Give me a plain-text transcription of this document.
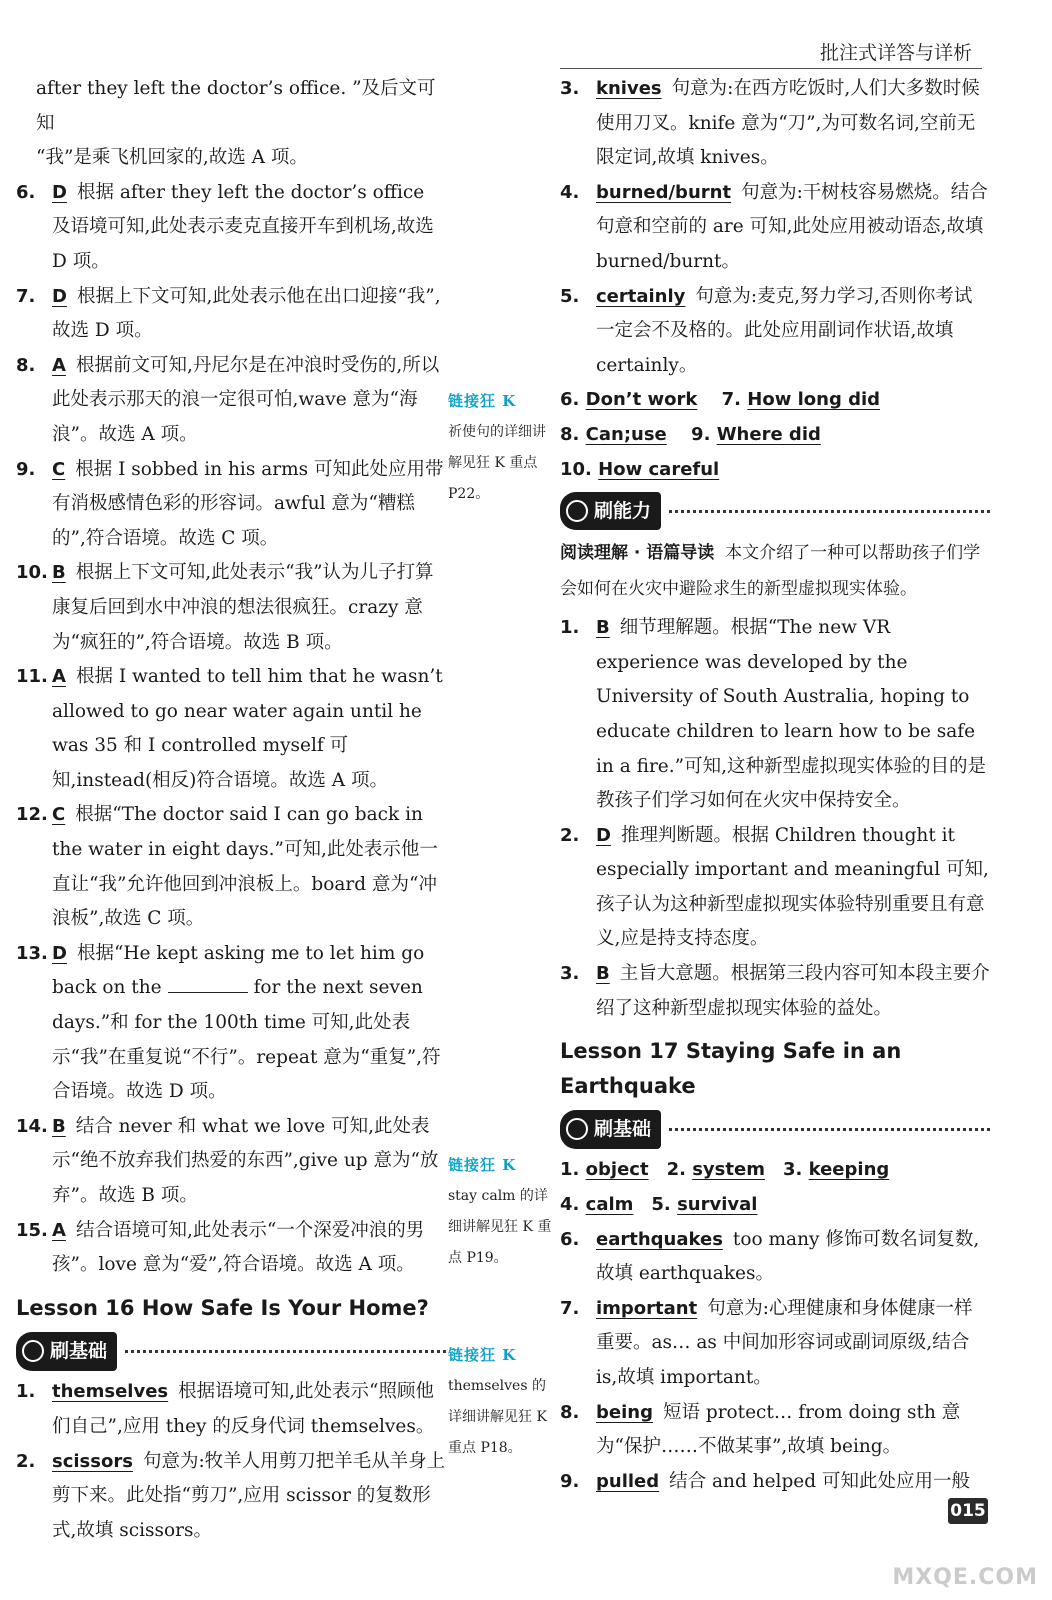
批注式详答与详析
after they left the doctor’s office. ”及后文可知
“我”是乘飞机回家的,故选 A 项。
6. D 根据 after they left the doctor’s office 及语境可知,此处表示麦克直接开车到机场,故选 D 项。
7. D 根据上下文可知,此处表示他在出口迎接“我”,故选 D 项。
8. A 根据前文可知,丹尼尔是在冲浪时受伤的,所以此处表示那天的浪一定很可怕,wave 意为“海浪”。故选 A 项。
9. C 根据 I sobbed in his arms 可知此处应用带有消极感情色彩的形容词。awful 意为“糟糕的”,符合语境。故选 C 项。
10. B 根据上下文可知,此处表示“我”认为儿子打算康复后回到水中冲浪的想法很疯狂。crazy 意为“疯狂的”,符合语境。故选 B 项。
11. A 根据 I wanted to tell him that he wasn’t allowed to go near water again until he was 35 和 I controlled myself 可知,instead(相反)符合语境。故选 A 项。
12. C 根据“The doctor said I can go back in the water in eight days.”可知,此处表示他一直让“我”允许他回到冲浪板上。board 意为“冲浪板”,故选 C 项。
13. D 根据“He kept asking me to let him go back on the	for the next seven days.”和 for the 100th time 可知,此处表示“我”在重复说“不行”。repeat 意为“重复”,符合语境。故选 D 项。
14. B 结合 never 和 what we love 可知,此处表示“绝不放弃我们热爱的东西”,give up 意为“放弃”。故选 B 项。
15. A 结合语境可知,此处表示“一个深爱冲浪的男孩”。love 意为“爱”,符合语境。故选 A 项。
Lesson 16 How Safe Is Your Home?
刷基础
1. themselves 根据语境可知,此处表示“照顾他们自己”,应用 they 的反身代词 themselves。
2. scissors 句意为:牧羊人用剪刀把羊毛从羊身上剪下来。此处指“剪刀”,应用 scissor 的复数形式,故填 scissors。
链接狂 K
祈使句的详细讲解见狂 K 重点 P22。
链接狂 K
stay calm 的详细讲解见狂 K 重点 P19。
链接狂 K
themselves 的详细讲解见狂 K 重点 P18。
3. knives 句意为:在西方吃饭时,人们大多数时候使用刀叉。knife 意为“刀”,为可数名词,空前无限定词,故填 knives。
4. burned/burnt 句意为:干树枝容易燃烧。结合句意和空前的 are 可知,此处应用被动语态,故填 burned/burnt。
5. certainly 句意为:麦克,努力学习,否则你考试一定会不及格的。此处应用副词作状语,故填 certainly。
6. Don’t work 7. How long did
8. Can;use 9. Where did
10. How careful
刷能力
阅读理解 · 语篇导读 本文介绍了一种可以帮助孩子们学会如何在火灾中避险求生的新型虚拟现实体验。
1. B 细节理解题。根据“The new VR experience was developed by the University of South Australia, hoping to educate children to learn how to be safe in a fire.”可知,这种新型虚拟现实体验的目的是教孩子们学习如何在火灾中保持安全。
2. D 推理判断题。根据 Children thought it especially important and meaningful 可知,孩子认为这种新型虚拟现实体验特别重要且有意义,应是持支持态度。
3. B 主旨大意题。根据第三段内容可知本段主要介绍了这种新型虚拟现实体验的益处。
Lesson 17 Staying Safe in an Earthquake
刷基础
1. object 2. system 3. keeping
4. calm 5. survival
6. earthquakes too many 修饰可数名词复数,故填 earthquakes。
7. important 句意为:心理健康和身体健康一样重要。as… as 中间加形容词或副词原级,结合 is,故填 important。
8. being 短语 protect… from doing sth 意为“保护……不做某事”,故填 being。
9. pulled 结合 and helped 可知此处应用一般
015
MXQE.COM
